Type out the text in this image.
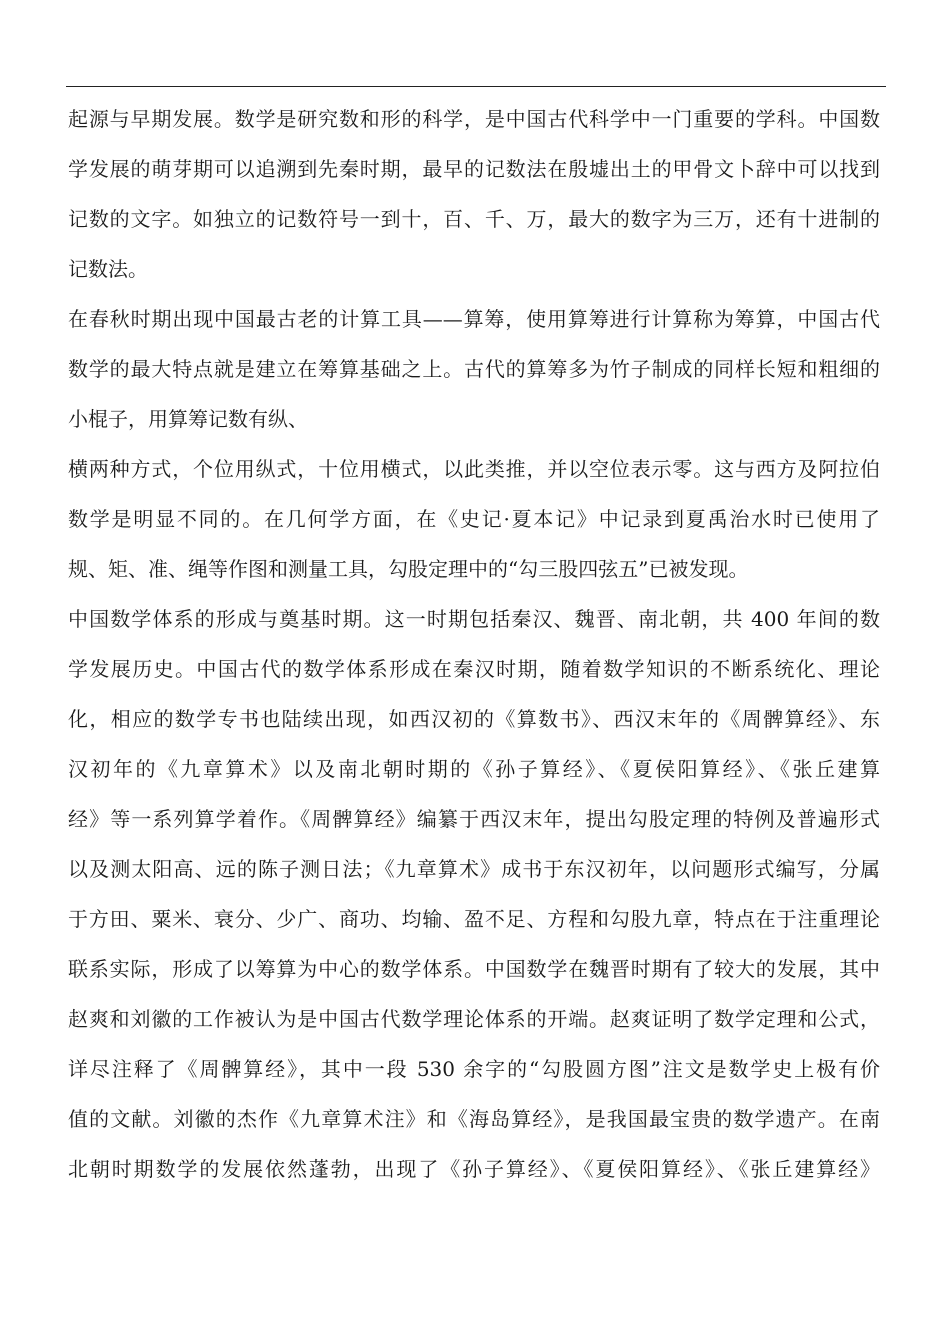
起源与早期发展。数学是研究数和形的科学，是中国古代科学中一门重要的学科。中国数
学发展的萌芽期可以追溯到先秦时期，最早的记数法在殷墟出土的甲骨文卜辞中可以找到
记数的文字。如独立的记数符号一到十，百、千、万，最大的数字为三万，还有十进制的
记数法。
在春秋时期出现中国最古老的计算工具——算筹，使用算筹进行计算称为筹算，中国古代
数学的最大特点就是建立在筹算基础之上。古代的算筹多为竹子制成的同样长短和粗细的
小棍子，用算筹记数有纵、
横两种方式，个位用纵式，十位用横式，以此类推，并以空位表示零。这与西方及阿拉伯
数学是明显不同的。在几何学方面，在《史记·夏本记》中记录到夏禹治水时已使用了
规、矩、准、绳等作图和测量工具，勾股定理中的“勾三股四弦五”已被发现。
中国数学体系的形成与奠基时期。这一时期包括秦汉、魏晋、南北朝，共 400 年间的数
学发展历史。中国古代的数学体系形成在秦汉时期，随着数学知识的不断系统化、理论
化，相应的数学专书也陆续出现，如西汉初的《算数书》、西汉末年的《周髀算经》、东
汉初年的《九章算术》以及南北朝时期的《孙子算经》、《夏侯阳算经》、《张丘建算
经》等一系列算学着作。《周髀算经》编纂于西汉末年，提出勾股定理的特例及普遍形式
以及测太阳高、远的陈子测日法；《九章算术》成书于东汉初年，以问题形式编写，分属
于方田、粟米、衰分、少广、商功、均输、盈不足、方程和勾股九章，特点在于注重理论
联系实际，形成了以筹算为中心的数学体系。中国数学在魏晋时期有了较大的发展，其中
赵爽和刘徽的工作被认为是中国古代数学理论体系的开端。赵爽证明了数学定理和公式，
详尽注释了《周髀算经》，其中一段 530 余字的“勾股圆方图”注文是数学史上极有价
值的文献。刘徽的杰作《九章算术注》和《海岛算经》，是我国最宝贵的数学遗产。在南
北朝时期数学的发展依然蓬勃，出现了《孙子算经》、《夏侯阳算经》、《张丘建算经》
